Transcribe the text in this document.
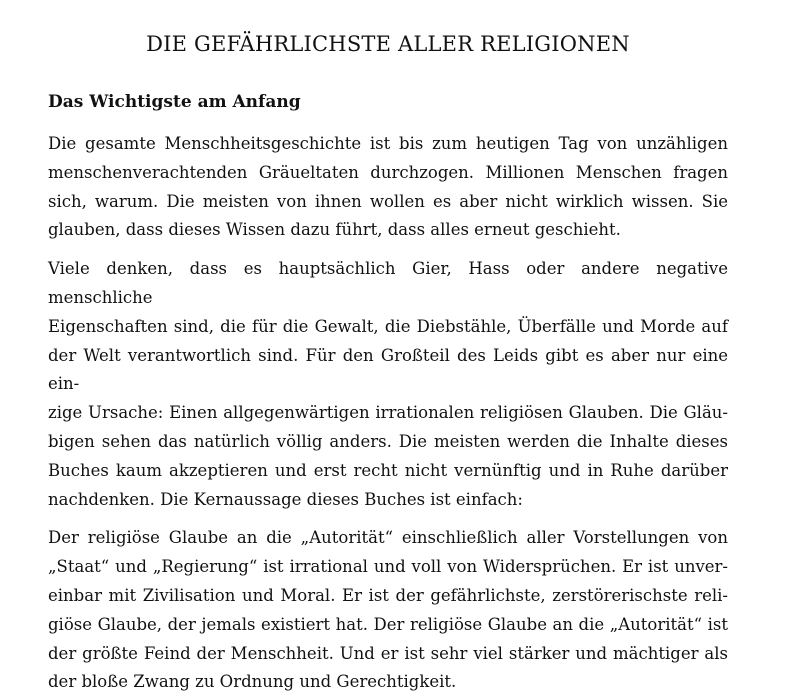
DIE GEFÄHRLICHSTE ALLER RELIGIONEN
Das Wichtigste am Anfang

Die gesamte Menschheitsgeschichte ist bis zum heutigen Tag von unzähligen
menschenverachtenden Gräueltaten durchzogen. Millionen Menschen fragen
sich, warum. Die meisten von ihnen wollen es aber nicht wirklich wissen. Sie
glauben, dass dieses Wissen dazu führt, dass alles erneut geschieht.

Viele denken, dass es hauptsächlich Gier, Hass oder andere negative menschliche
Eigenschaften sind, die für die Gewalt, die Diebstähle, Überfälle und Morde auf
der Welt verantwortlich sind. Für den Großteil des Leids gibt es aber nur eine ein-
zige Ursache: Einen allgegenwärtigen irrationalen religiösen Glauben. Die Gläu-
bigen sehen das natürlich völlig anders. Die meisten werden die Inhalte dieses
Buches kaum akzeptieren und erst recht nicht vernünftig und in Ruhe darüber
nachdenken. Die Kernaussage dieses Buches ist einfach:

Der religiöse Glaube an die „Autorität“ einschließlich aller Vorstellungen von
„Staat“ und „Regierung“ ist irrational und voll von Widersprüchen. Er ist unver-
einbar mit Zivilisation und Moral. Er ist der gefährlichste, zerstörerischste reli-
giöse Glaube, der jemals existiert hat. Der religiöse Glaube an die „Autorität“ ist
der größte Feind der Menschheit. Und er ist sehr viel stärker und mächtiger als
der bloße Zwang zu Ordnung und Gerechtigkeit.
